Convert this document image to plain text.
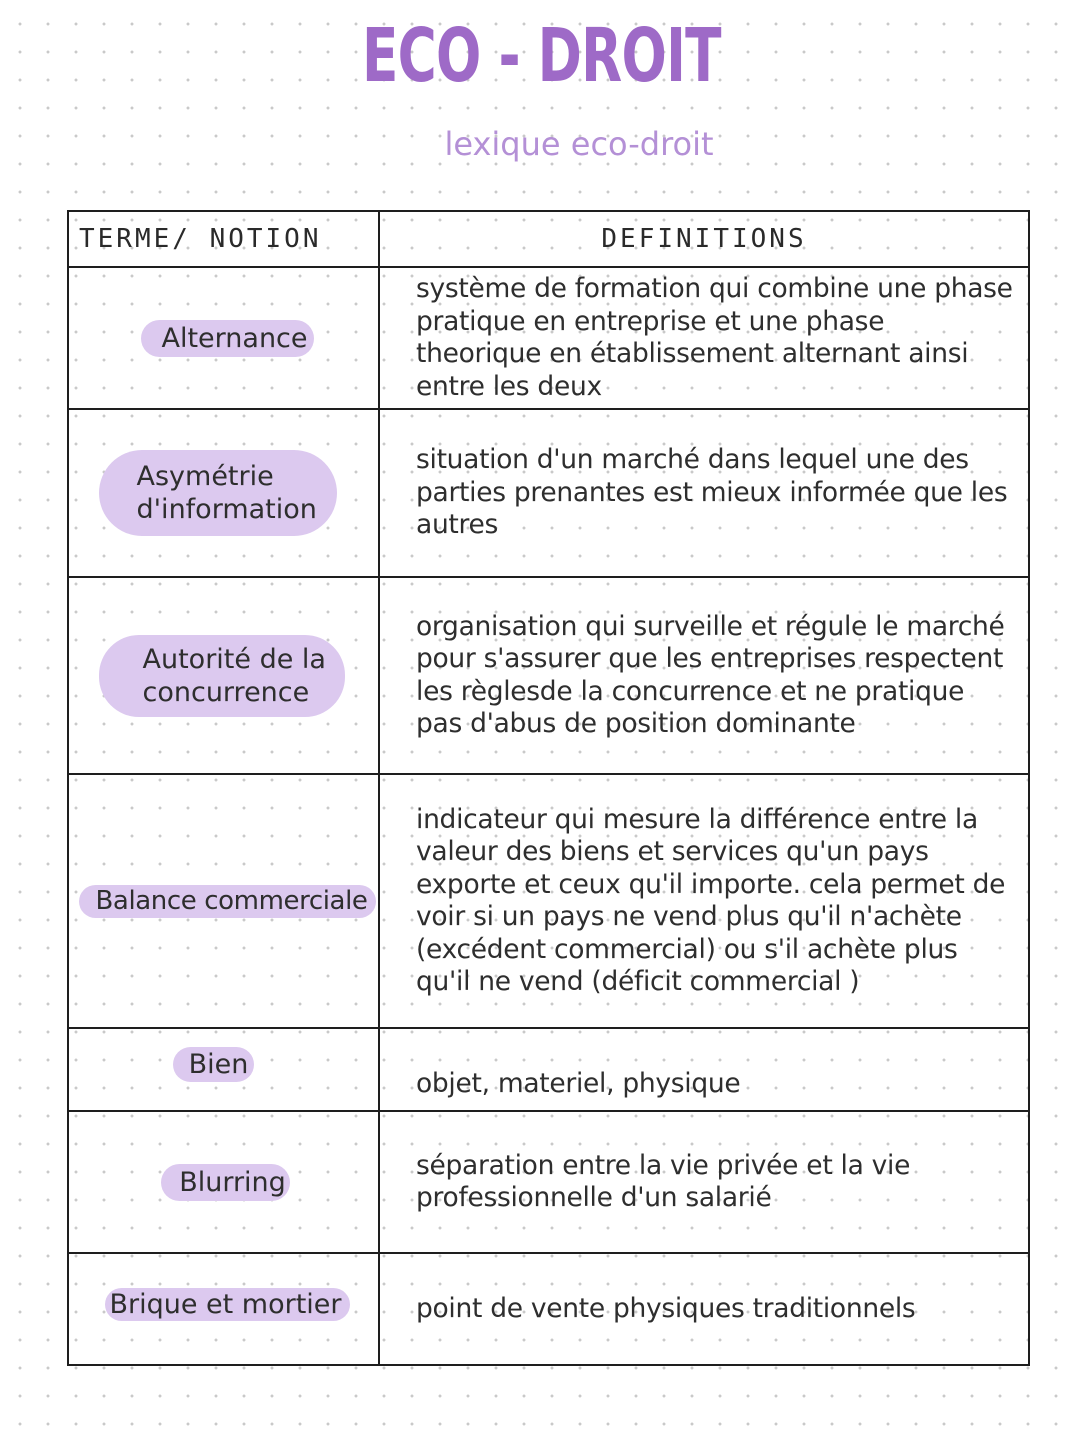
ECO - DROIT
lexique eco-droit
TERME/ NOTION	DEFINITIONS
Alternance	système de formation qui combine une phase pratique en entreprise et une phase theorique en établissement alternant ainsi entre les deux
Asymétrie d'information	situation d'un marché dans lequel une des parties prenantes est mieux informée que les autres
Autorité de la concurrence	organisation qui surveille et régule le marché pour s'assurer que les entreprises respectent les règlesde la concurrence et ne pratique pas d'abus de position dominante
Balance commerciale	indicateur qui mesure la différence entre la valeur des biens et services qu'un pays exporte et ceux qu'il importe. cela permet de voir si un pays ne vend plus qu'il n'achète (excédent commercial) ou s'il achète plus qu'il ne vend (déficit commercial )
Bien	objet, materiel, physique
Blurring	séparation entre la vie privée et la vie professionnelle d'un salarié
Brique et mortier	point de vente physiques traditionnels
